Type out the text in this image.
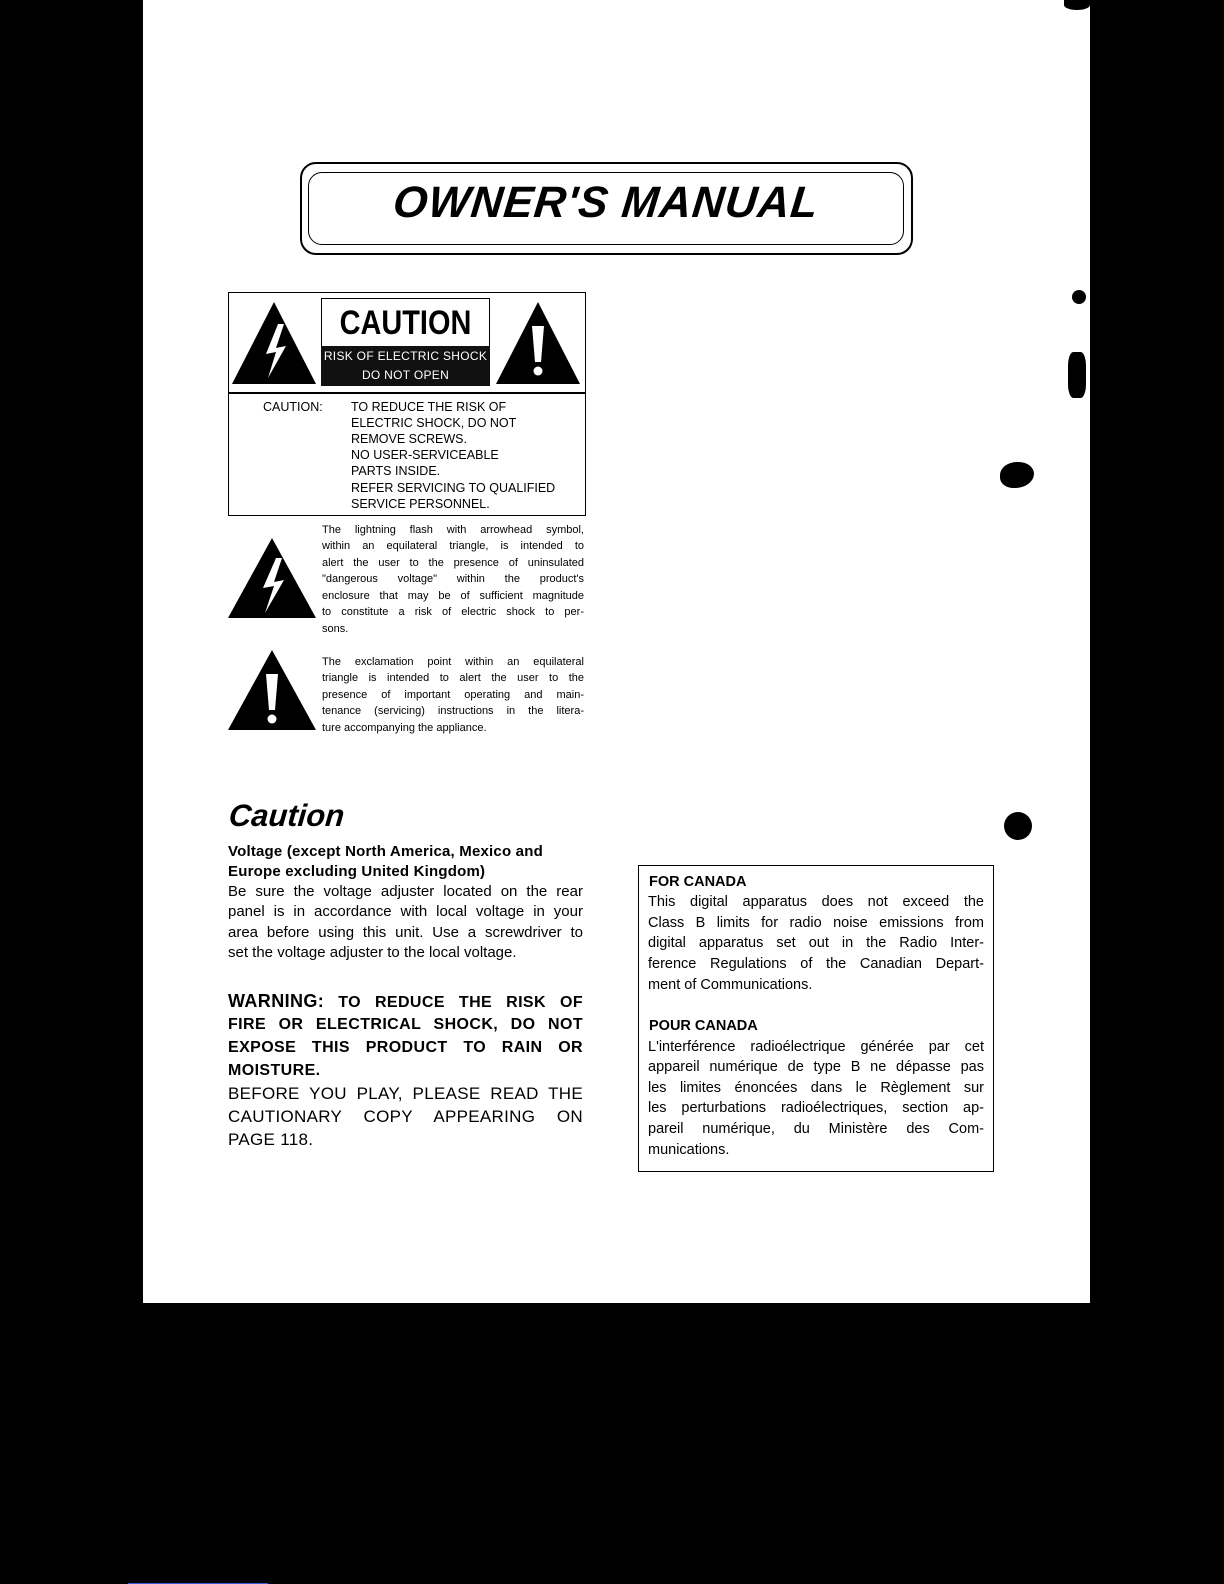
OWNER'S MANUAL
CAUTION
RISK OF ELECTRIC SHOCK
DO NOT OPEN
CAUTION: TO REDUCE THE RISK OF
ELECTRIC SHOCK, DO NOT
REMOVE SCREWS.
NO USER-SERVICEABLE
PARTS INSIDE.
REFER SERVICING TO QUALIFIED
SERVICE PERSONNEL.
The lightning flash with arrowhead symbol,
within an equilateral triangle, is intended to
alert the user to the presence of uninsulated
"dangerous voltage" within the product's
enclosure that may be of sufficient magnitude
to constitute a risk of electric shock to per-
sons.
The exclamation point within an equilateral
triangle is intended to alert the user to the
presence of important operating and main-
tenance (servicing) instructions in the litera-
ture accompanying the appliance.
Caution
Voltage (except North America, Mexico and
Europe excluding United Kingdom)
Be sure the voltage adjuster located on the rear
panel is in accordance with local voltage in your
area before using this unit. Use a screwdriver to
set the voltage adjuster to the local voltage.
WARNING: TO REDUCE THE RISK OF
FIRE OR ELECTRICAL SHOCK, DO NOT
EXPOSE THIS PRODUCT TO RAIN OR
MOISTURE.
BEFORE YOU PLAY, PLEASE READ THE
CAUTIONARY COPY APPEARING ON
PAGE 118.
FOR CANADA
This digital apparatus does not exceed the
Class B limits for radio noise emissions from
digital apparatus set out in the Radio Inter-
ference Regulations of the Canadian Depart-
ment of Communications.
POUR CANADA
L'interférence radioélectrique générée par cet
appareil numérique de type B ne dépasse pas
les limites énoncées dans le Règlement sur
les perturbations radioélectriques, section ap-
pareil numérique, du Ministère des Com-
munications.
